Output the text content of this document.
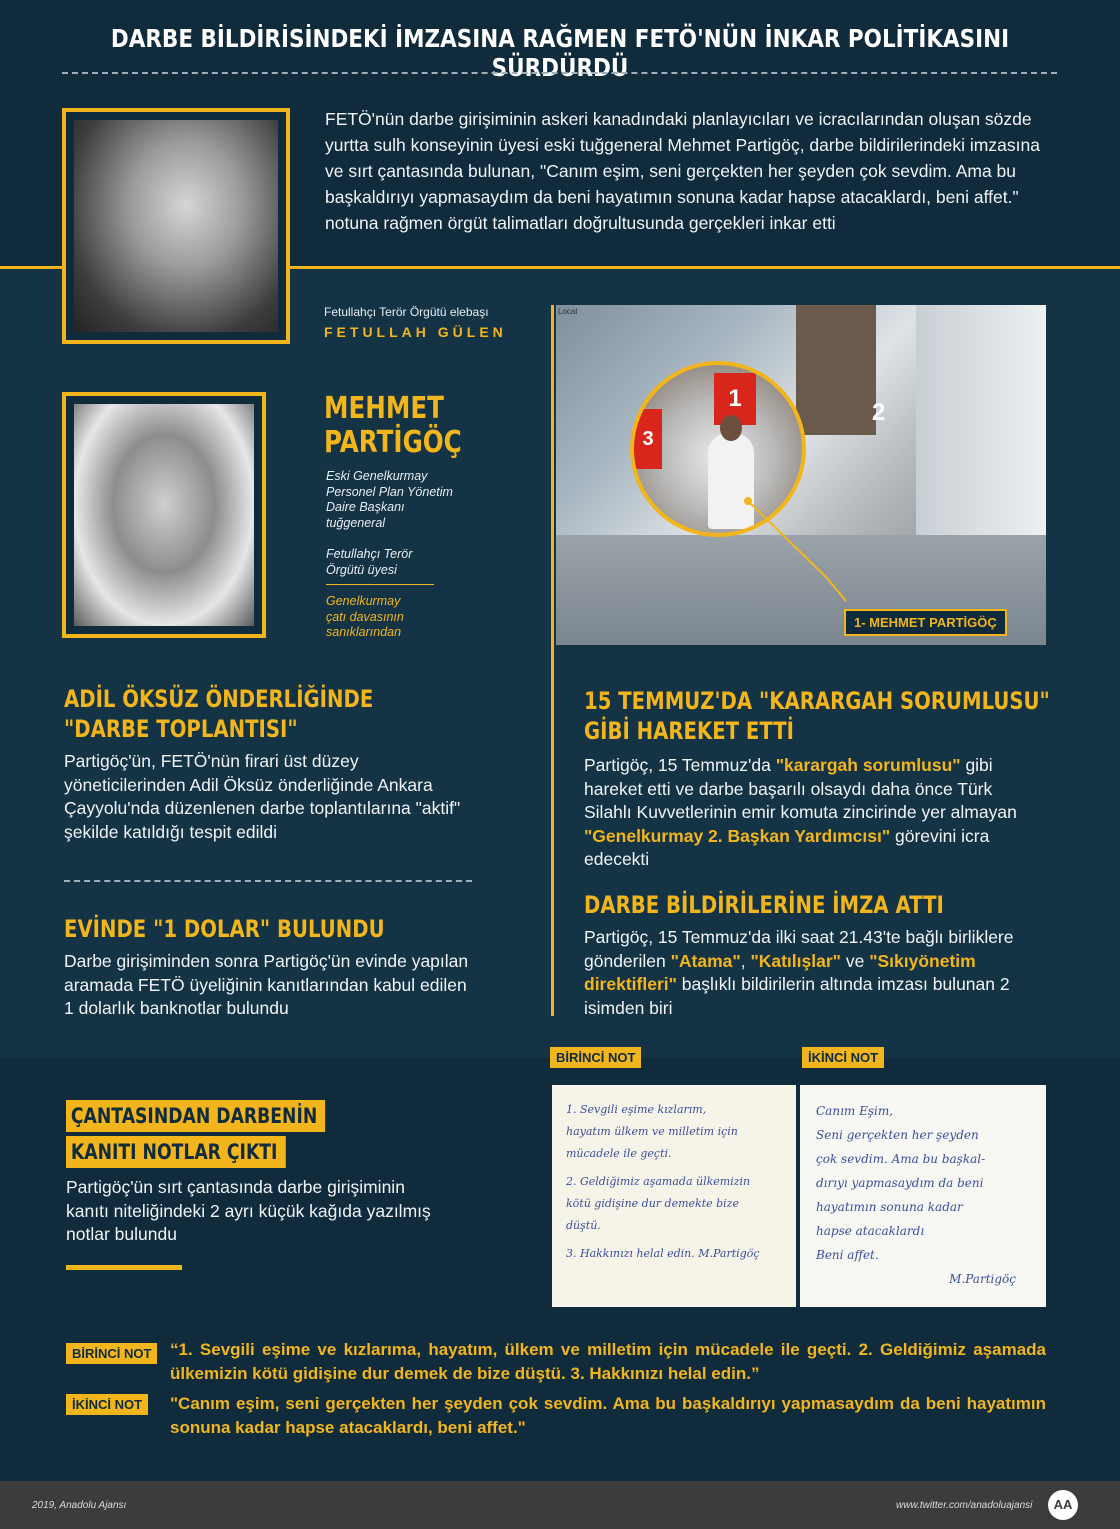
DARBE BİLDİRİSİNDEKİ İMZASINA RAĞMEN FETÖ'NÜN İNKAR POLİTİKASINI SÜRDÜRDÜ
FETÖ'nün darbe girişiminin askeri kanadındaki planlayıcıları ve icracılarından oluşan sözde yurtta sulh konseyinin üyesi eski tuğgeneral Mehmet Partigöç, darbe bildirilerindeki imzasına ve sırt çantasında bulunan, "Canım eşim, seni gerçekten her şeyden çok sevdim. Ama bu başkaldırıyı yapmasaydım da beni hayatımın sonuna kadar hapse atacaklardı, beni affet." notuna rağmen örgüt talimatları doğrultusunda gerçekleri inkar etti
Fetullahçı Terör Örgütü elebaşı
FETULLAH GÜLEN
MEHMET
PARTİGÖÇ
Eski Genelkurmay
Personel Plan Yönetim
Daire Başkanı
tuğgeneral
Fetullahçı Terör
Örgütü üyesi
Genelkurmay
çatı davasının
sanıklarından
Local
2
1
3
1- MEHMET PARTİGÖÇ
ADİL ÖKSÜZ ÖNDERLİĞİNDE
"DARBE TOPLANTISI"
Partigöç'ün, FETÖ'nün firari üst düzey yöneticilerinden Adil Öksüz önderliğinde Ankara Çayyolu'nda düzenlenen darbe toplantılarına "aktif" şekilde katıldığı tespit edildi
EVİNDE "1 DOLAR" BULUNDU
Darbe girişiminden sonra Partigöç'ün evinde yapılan aramada FETÖ üyeliğinin kanıtlarından kabul edilen 1 dolarlık banknotlar bulundu
15 TEMMUZ'DA "KARARGAH SORUMLUSU"
GİBİ HAREKET ETTİ
Partigöç, 15 Temmuz'da "karargah sorumlusu" gibi hareket etti ve darbe başarılı olsaydı daha önce Türk Silahlı Kuvvetlerinin emir komuta zincirinde yer almayan "Genelkurmay 2. Başkan Yardımcısı" görevini icra edecekti
DARBE BİLDİRİLERİNE İMZA ATTI
Partigöç, 15 Temmuz'da ilki saat 21.43'te bağlı birliklere gönderilen "Atama", "Katılışlar" ve "Sıkıyönetim direktifleri" başlıklı bildirilerin altında imzası bulunan 2 isimden biri
ÇANTASINDAN DARBENİN
KANITI NOTLAR ÇIKTI
Partigöç'ün sırt çantasında darbe girişiminin kanıtı niteliğindeki 2 ayrı küçük kağıda yazılmış notlar bulundu
BİRİNCİ NOT	İKİNCİ NOT
1. Sevgili eşime kızlarım,
hayatım ülkem ve milletim için
mücadele ile geçti.
2. Geldiğimiz aşamada ülkemizin
kötü gidişine dur demekte bize
düştü.
3. Hakkınızı helal edin. M.Partigöç
Canım Eşim,
Seni gerçekten her şeyden
çok sevdim. Ama bu başkal-
dırıyı yapmasaydım da beni
hayatımın sonuna kadar
hapse atacaklardı
Beni affet.
M.Partigöç
BİRİNCİ NOT	“1. Sevgili eşime ve kızlarıma, hayatım, ülkem ve milletim için mücadele ile geçti. 2. Geldiğimiz aşamada ülkemizin kötü gidişine dur demek de bize düştü. 3. Hakkınızı helal edin.”
İKİNCİ NOT	"Canım eşim, seni gerçekten her şeyden çok sevdim. Ama bu başkaldırıyı yapmasaydım da beni hayatımın sonuna kadar hapse atacaklardı, beni affet."
2019, Anadolu Ajansı	www.twitter.com/anadoluajansi	AA
